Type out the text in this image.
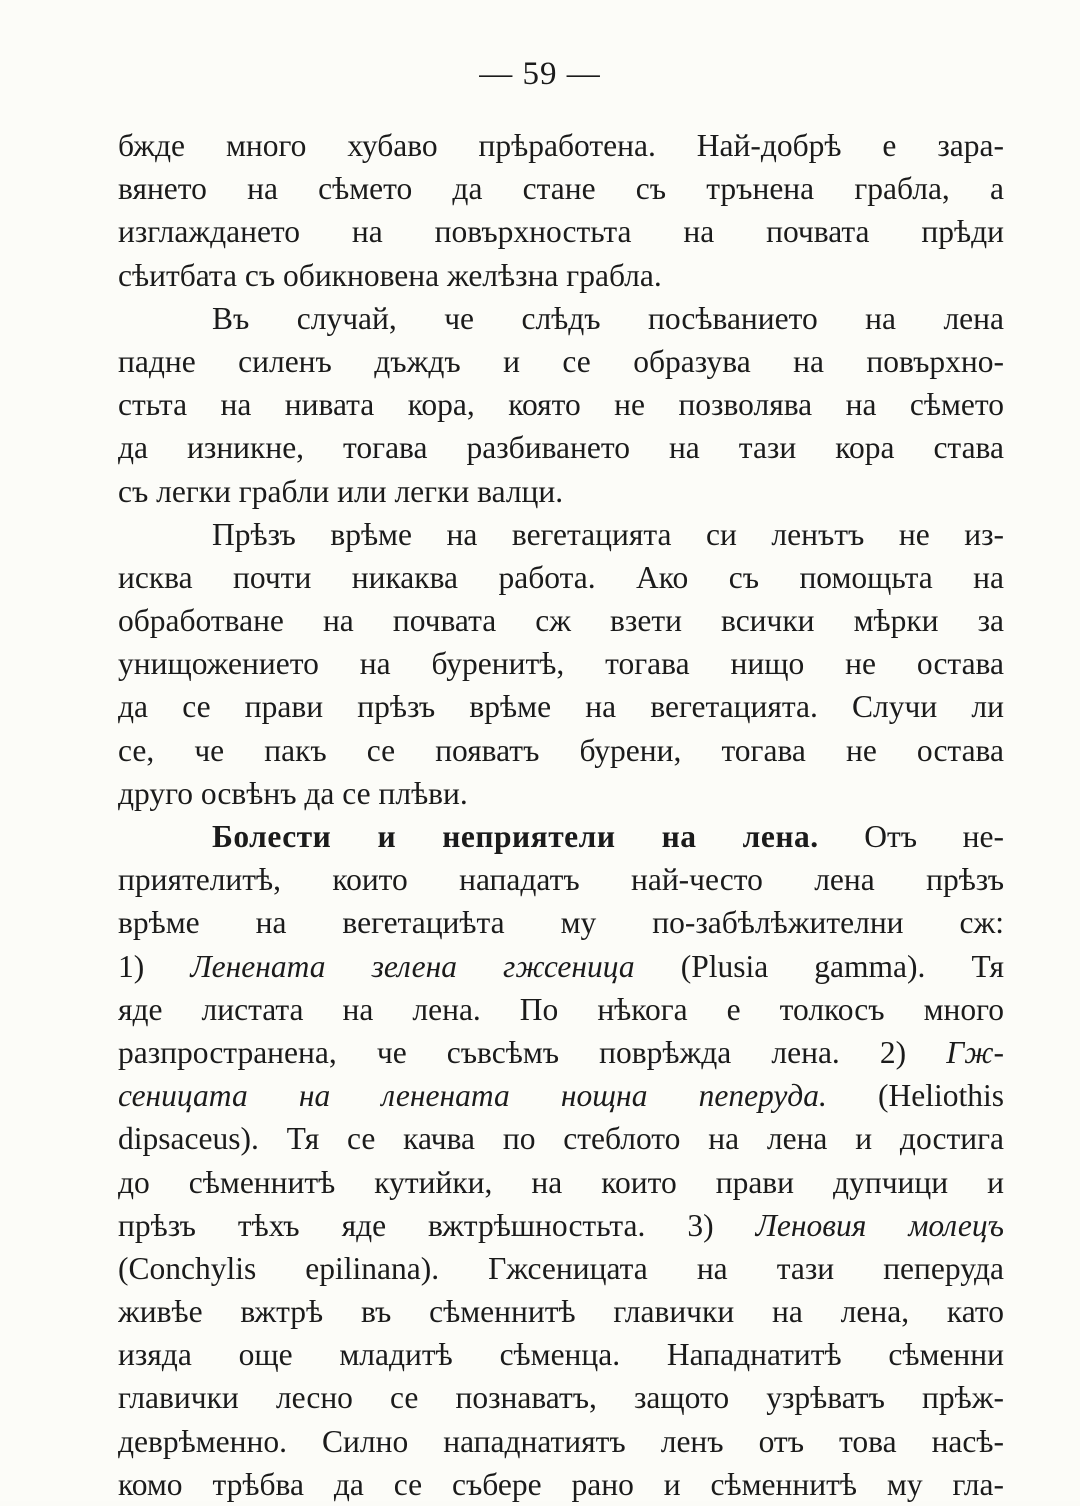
— 59 —
бжде много хубаво прѣработена. Най-добрѣ е зара-
вянето на сѣмето да стане съ трънена грабла, а
изглаждането на повърхностьта на почвата прѣди
сѣитбата съ обикновена желѣзна грабла.
Въ случай, че слѣдъ посѣванието на лена
падне силенъ дъждъ и се образува на повърхно-
стьта на нивата кора, която не позволява на сѣмето
да изникне, тогава разбиването на тази кора става
съ легки грабли или легки валци.
Прѣзъ врѣме на вегетацията си ленътъ не из-
исква почти никаква работа. Ако съ помощьта на
обработване на почвата сж взети всички мѣрки за
унищожението на буренитѣ, тогава нищо не остава
да се прави прѣзъ врѣме на вегетацията. Случи ли
се, че пакъ се появатъ бурени, тогава не остава
друго освѣнъ да се плѣви.
Болести и неприятели на лена. Отъ не-
приятелитѣ, които нападатъ най-често лена прѣзъ
врѣме на вегетациѣта му по-забѣлѣжителни сж:
1) Ленената зелена гжсеница (Plusia gamma). Тя
яде листата на лена. По нѣкога е толкосъ много
разпространена, че съвсѣмъ поврѣжда лена. 2) Гж-
сеницата на ленената нощна пеперуда. (Heliothis
dipsaceus). Тя се качва по стеблото на лена и достига
до сѣменнитѣ кутийки, на които прави дупчици и
прѣзъ тѣхъ яде вжтрѣшностьта. 3) Леновия молецъ
(Conchylis epilinana). Гжсеницата на тази пеперуда
живѣе вжтрѣ въ сѣменнитѣ главички на лена, като
изяда още младитѣ сѣменца. Нападнатитѣ сѣменни
главички лесно се познаватъ, защото узрѣватъ прѣж-
деврѣменно. Силно нападнатиятъ ленъ отъ това насѣ-
комо трѣбва да се събере рано и сѣменнитѣ му гла-
